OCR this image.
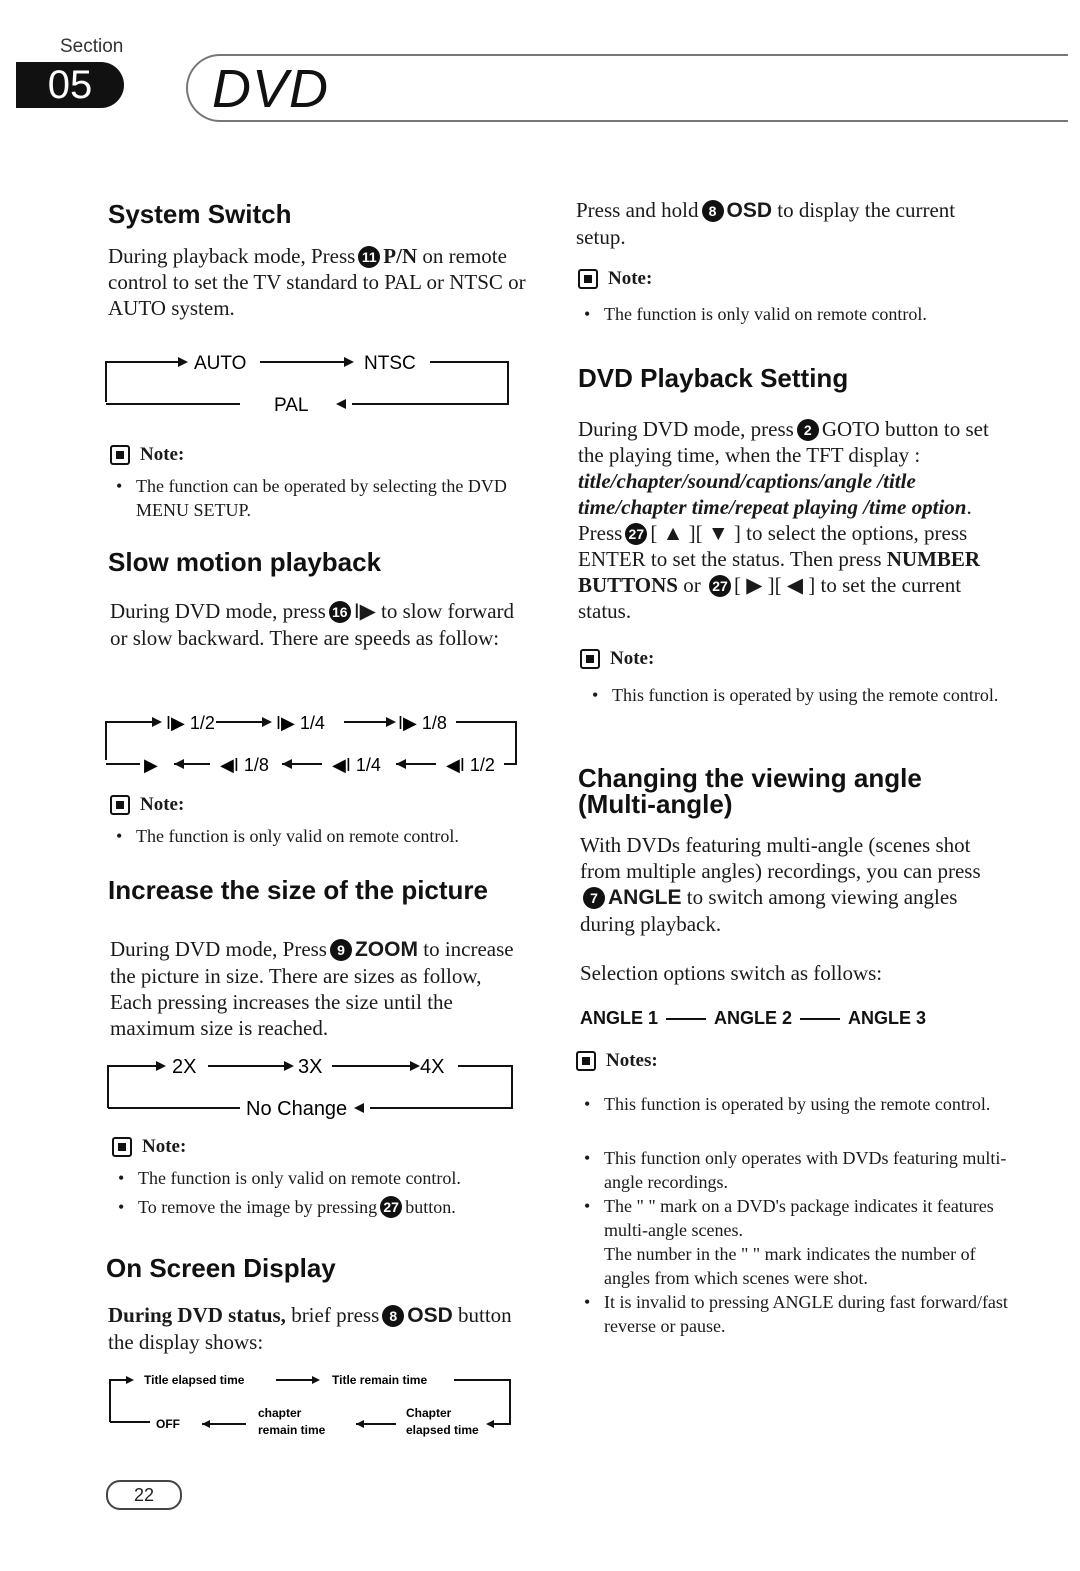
Section
05	DVD
System Switch

During playback mode, Press 11 P/N on remote control to set the TV standard to PAL or NTSC or AUTO system.

AUTO	NTSC
PAL
Note:
• The function can be operated by selecting the DVD MENU SETUP.
Slow motion playback

During DVD mode, press 16 I▶ to slow forward or slow backward. There are speeds as follow:

I▶ 1/2	I▶ 1/4	I▶ 1/8
◀I 1/2
◀I 1/4
◀I 1/8
▶
Note:
• The function is only valid on remote control.
Increase the size of the picture

During DVD mode, Press 9 ZOOM to increase the picture in size. There are sizes as follow, Each pressing increases the size until the maximum size is reached.

2X	3X	4X
No Change
Note:
• The function is only valid on remote control.
• To remove the image by pressing 27 button.
On Screen Display

During DVD status, brief press 8 OSD button the display shows:

Title elapsed time	Title remain time
Chapter
elapsed time
chapter
remain time
OFF

Press and hold 8 OSD to display the current setup.

Note:
• The function is only valid on remote control.
DVD Playback Setting

During DVD mode, press 2 GOTO button to set the playing time, when the TFT display : title/chapter/sound/captions/angle /title time/chapter time/repeat playing /time option. Press 27 [ ▲ ][ ▼ ] to select the options, press ENTER to set the status. Then press NUMBER BUTTONS or 27 [ ▶ ][ ◀ ] to set the current status.

Note:
• This function is operated by using the remote control.
Changing the viewing angle
(Multi-angle)

With DVDs featuring multi-angle (scenes shot from multiple angles) recordings, you can press7 ANGLE to switch among viewing angles during playback.

Selection options switch as follows:

ANGLE 1	ANGLE 2	ANGLE 3
Notes:
• This function is operated by using the remote control.
• This function only operates with DVDs featuring multi-angle recordings.
• The " " mark on a DVD's package indicates it features multi-angle scenes.
The number in the " " mark indicates the number of angles from which scenes were shot.
• It is invalid to pressing ANGLE during fast forward/fast reverse or pause.
22
